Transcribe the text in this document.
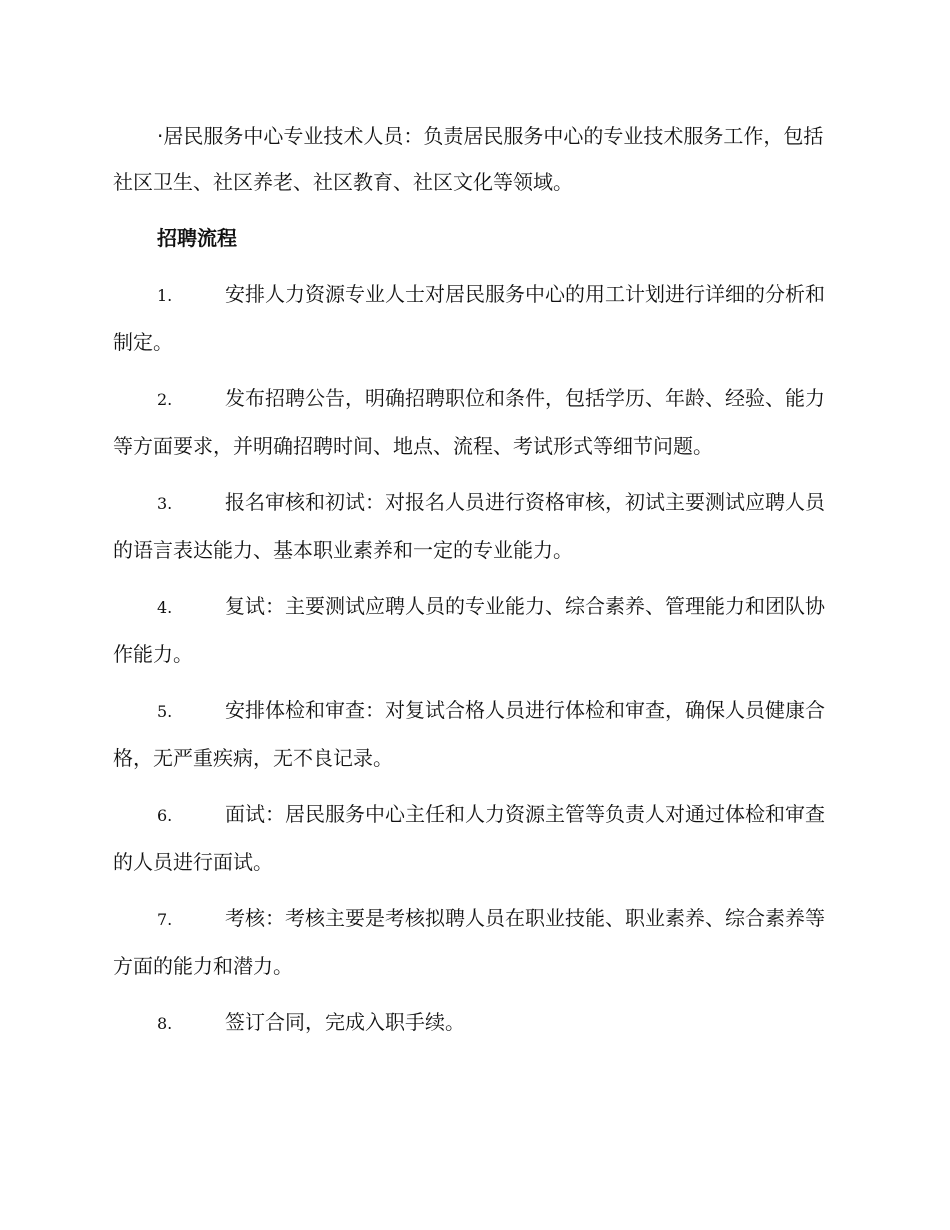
·居民服务中心专业技术人员：负责居民服务中心的专业技术服务工作，包括社区卫生、社区养老、社区教育、社区文化等领域。

招聘流程

1.	安排人力资源专业人士对居民服务中心的用工计划进行详细的分析和制定。

2.	发布招聘公告，明确招聘职位和条件，包括学历、年龄、经验、能力等方面要求，并明确招聘时间、地点、流程、考试形式等细节问题。

3.	报名审核和初试：对报名人员进行资格审核，初试主要测试应聘人员的语言表达能力、基本职业素养和一定的专业能力。

4.	复试：主要测试应聘人员的专业能力、综合素养、管理能力和团队协作能力。

5.	安排体检和审查：对复试合格人员进行体检和审查，确保人员健康合格，无严重疾病，无不良记录。

6.	面试：居民服务中心主任和人力资源主管等负责人对通过体检和审查的人员进行面试。

7.	考核：考核主要是考核拟聘人员在职业技能、职业素养、综合素养等方面的能力和潜力。

8.	签订合同，完成入职手续。
